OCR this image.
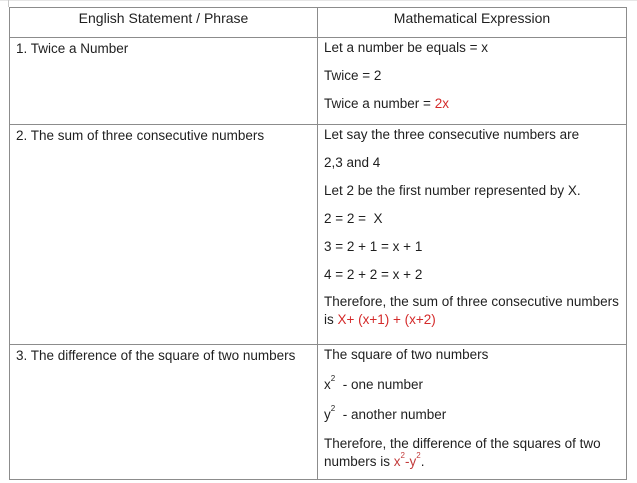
English Statement / Phrase	Mathematical Expression

1. Twice a Number	Let a number be equals = x
Twice = 2
Twice a number = 2x

2. The sum of three consecutive numbers	Let say the three consecutive numbers are
2,3 and 4
Let 2 be the first number represented by X.
2 = 2 =  X
3 = 2 + 1 = x + 1
4 = 2 + 2 = x + 2
Therefore, the sum of three consecutive numbers is X+ (x+1) + (x+2)

3. The difference of the square of two numbers	The square of two numbers
$x^2$  - one number
$y^2$  - another number
Therefore, the difference of the squares of two numbers is $x^2-y^2$.
